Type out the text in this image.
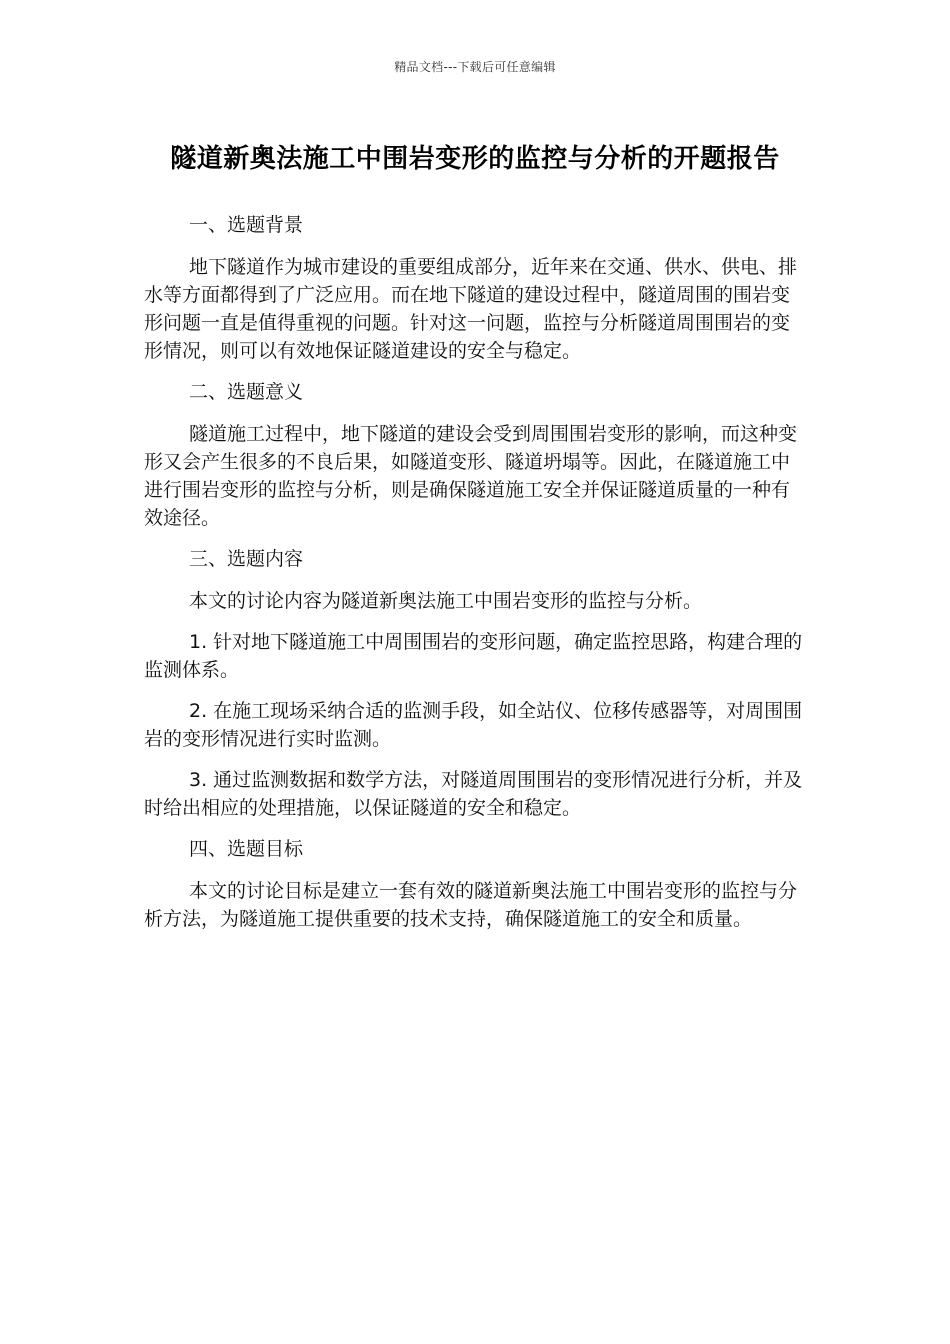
精品文档---下载后可任意编辑
隧道新奥法施工中围岩变形的监控与分析的开题报告

一、选题背景

地下隧道作为城市建设的重要组成部分，近年来在交通、供水、供电、排水等方面都得到了广泛应用。而在地下隧道的建设过程中，隧道周围的围岩变形问题一直是值得重视的问题。针对这一问题，监控与分析隧道周围围岩的变形情况，则可以有效地保证隧道建设的安全与稳定。

二、选题意义

隧道施工过程中，地下隧道的建设会受到周围围岩变形的影响，而这种变形又会产生很多的不良后果，如隧道变形、隧道坍塌等。因此，在隧道施工中进行围岩变形的监控与分析，则是确保隧道施工安全并保证隧道质量的一种有效途径。

三、选题内容

本文的讨论内容为隧道新奥法施工中围岩变形的监控与分析。

1. 针对地下隧道施工中周围围岩的变形问题，确定监控思路，构建合理的监测体系。

2. 在施工现场采纳合适的监测手段，如全站仪、位移传感器等，对周围围岩的变形情况进行实时监测。

3. 通过监测数据和数学方法，对隧道周围围岩的变形情况进行分析，并及时给出相应的处理措施，以保证隧道的安全和稳定。

四、选题目标

本文的讨论目标是建立一套有效的隧道新奥法施工中围岩变形的监控与分析方法，为隧道施工提供重要的技术支持，确保隧道施工的安全和质量。
